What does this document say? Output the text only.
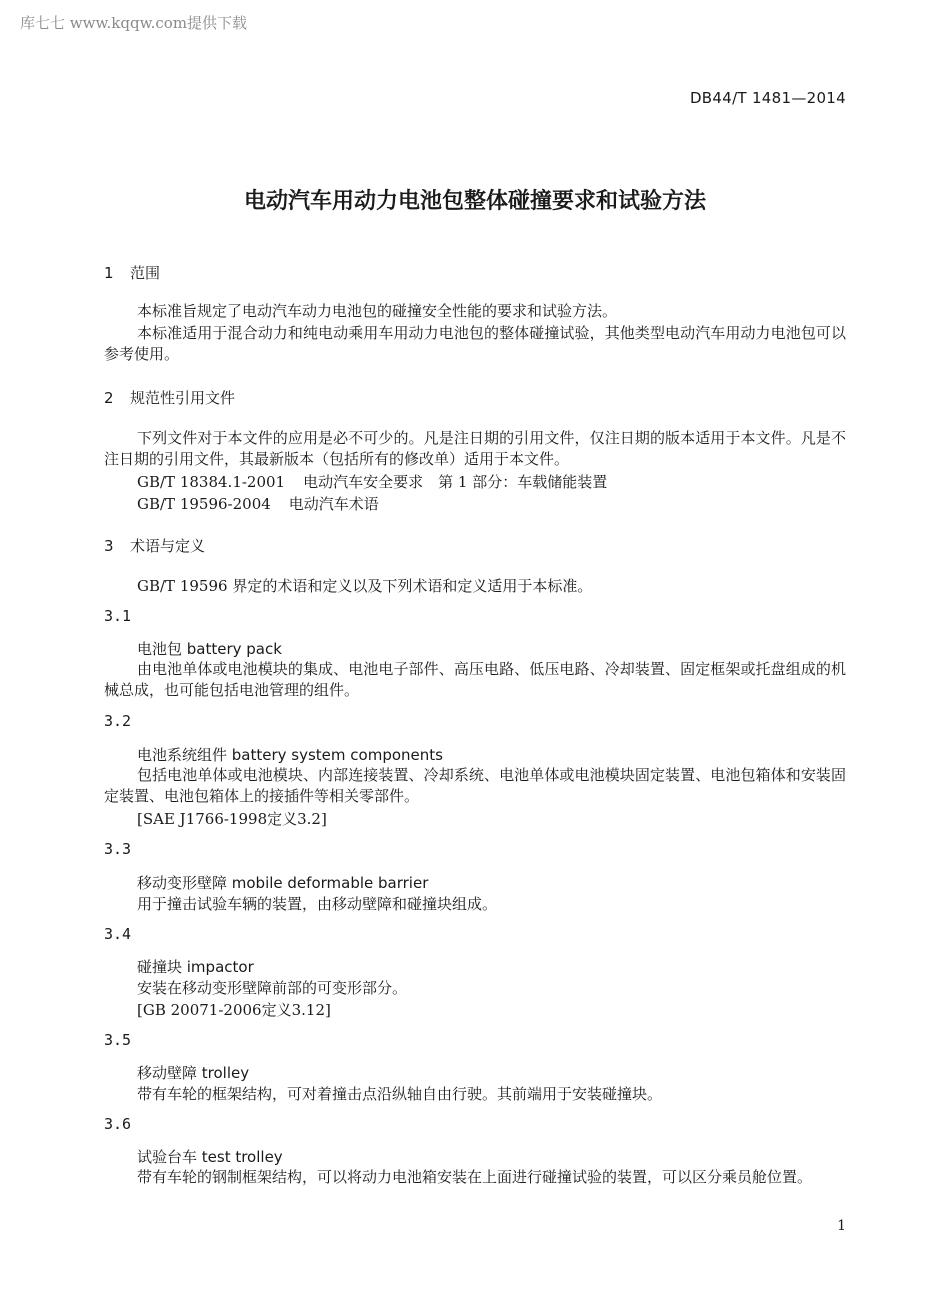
库七七 www.kqqw.com提供下载
DB44/T 1481—2014
电动汽车用动力电池包整体碰撞要求和试验方法
1 范围
本标准旨规定了电动汽车动力电池包的碰撞安全性能的要求和试验方法。
本标准适用于混合动力和纯电动乘用车用动力电池包的整体碰撞试验，其他类型电动汽车用动力电池包可以参考使用。
2 规范性引用文件
下列文件对于本文件的应用是必不可少的。凡是注日期的引用文件，仅注日期的版本适用于本文件。凡是不注日期的引用文件，其最新版本（包括所有的修改单）适用于本文件。
GB/T 18384.1-2001 电动汽车安全要求　第 1 部分：车载储能装置
GB/T 19596-2004 电动汽车术语
3 术语与定义
GB/T 19596 界定的术语和定义以及下列术语和定义适用于本标准。
3.1
电池包 battery pack
由电池单体或电池模块的集成、电池电子部件、高压电路、低压电路、冷却装置、固定框架或托盘组成的机械总成，也可能包括电池管理的组件。
3.2
电池系统组件 battery system components
包括电池单体或电池模块、内部连接装置、冷却系统、电池单体或电池模块固定装置、电池包箱体和安装固定装置、电池包箱体上的接插件等相关零部件。
[SAE J1766-1998定义3.2]
3.3
移动变形壁障 mobile deformable barrier
用于撞击试验车辆的装置，由移动壁障和碰撞块组成。
3.4
碰撞块 impactor
安装在移动变形壁障前部的可变形部分。
[GB 20071-2006定义3.12]
3.5
移动壁障 trolley
带有车轮的框架结构，可对着撞击点沿纵轴自由行驶。其前端用于安装碰撞块。
3.6
试验台车 test trolley
带有车轮的钢制框架结构，可以将动力电池箱安装在上面进行碰撞试验的装置，可以区分乘员舱位置。
1
